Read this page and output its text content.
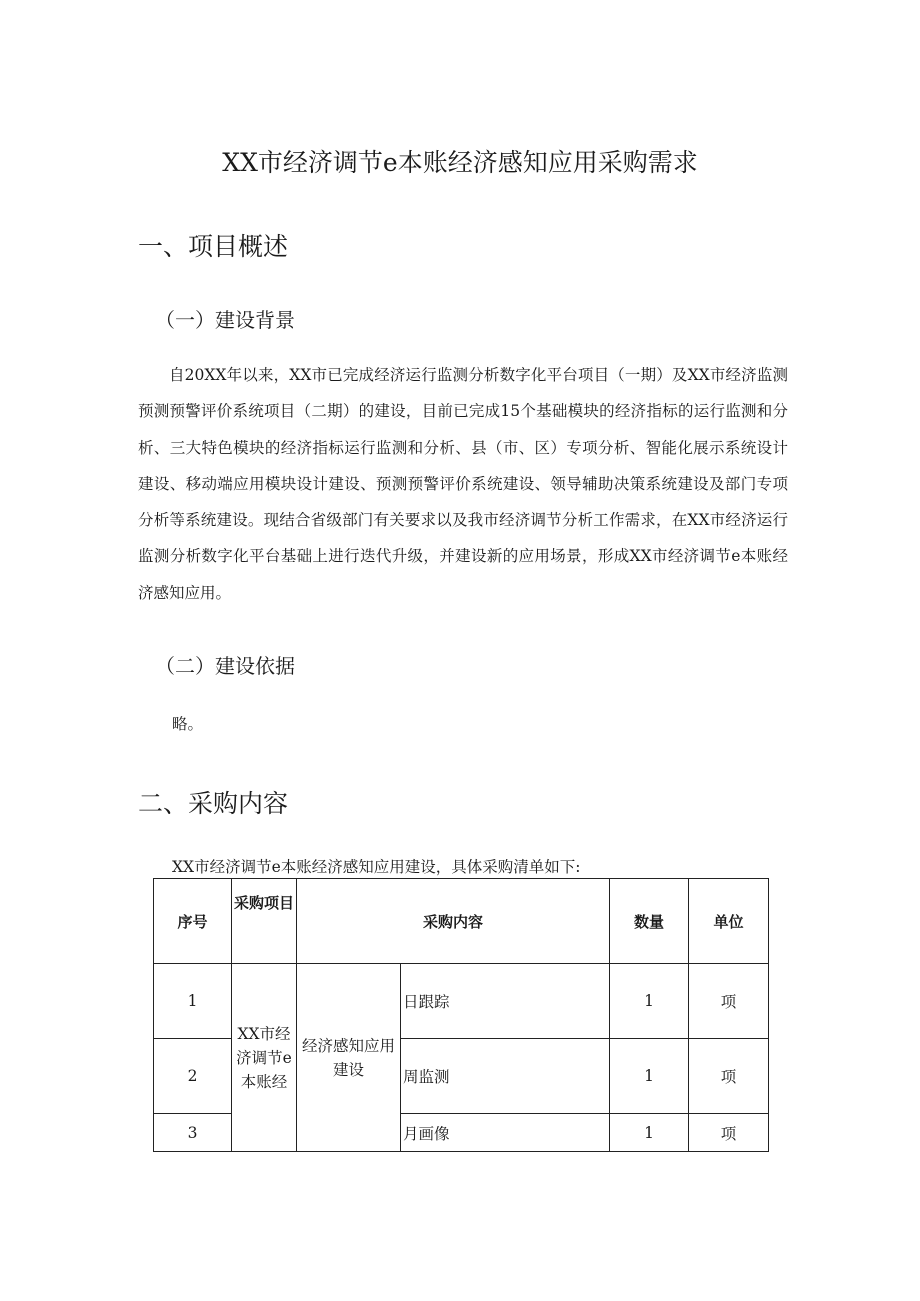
XX市经济调节e本账经济感知应用采购需求
一、项目概述
（一）建设背景

自20XX年以来，XX市已完成经济运行监测分析数字化平台项目（一期）及XX市经济监测预测预警评价系统项目（二期）的建设，目前已完成15个基础模块的经济指标的运行监测和分析、三大特色模块的经济指标运行监测和分析、县（市、区）专项分析、智能化展示系统设计建设、移动端应用模块设计建设、预测预警评价系统建设、领导辅助决策系统建设及部门专项分析等系统建设。现结合省级部门有关要求以及我市经济调节分析工作需求，在XX市经济运行监测分析数字化平台基础上进行迭代升级，并建设新的应用场景，形成XX市经济调节e本账经济感知应用。

（二）建设依据

略。

二、采购内容

XX市经济调节e本账经济感知应用建设，具体采购清单如下:

序号	采购项目	采购内容		数量	单位
1	XX市经济调节e本账经	经济感知应用建设	日跟踪	1	项
2			周监测	1	项
3			月画像	1	项
